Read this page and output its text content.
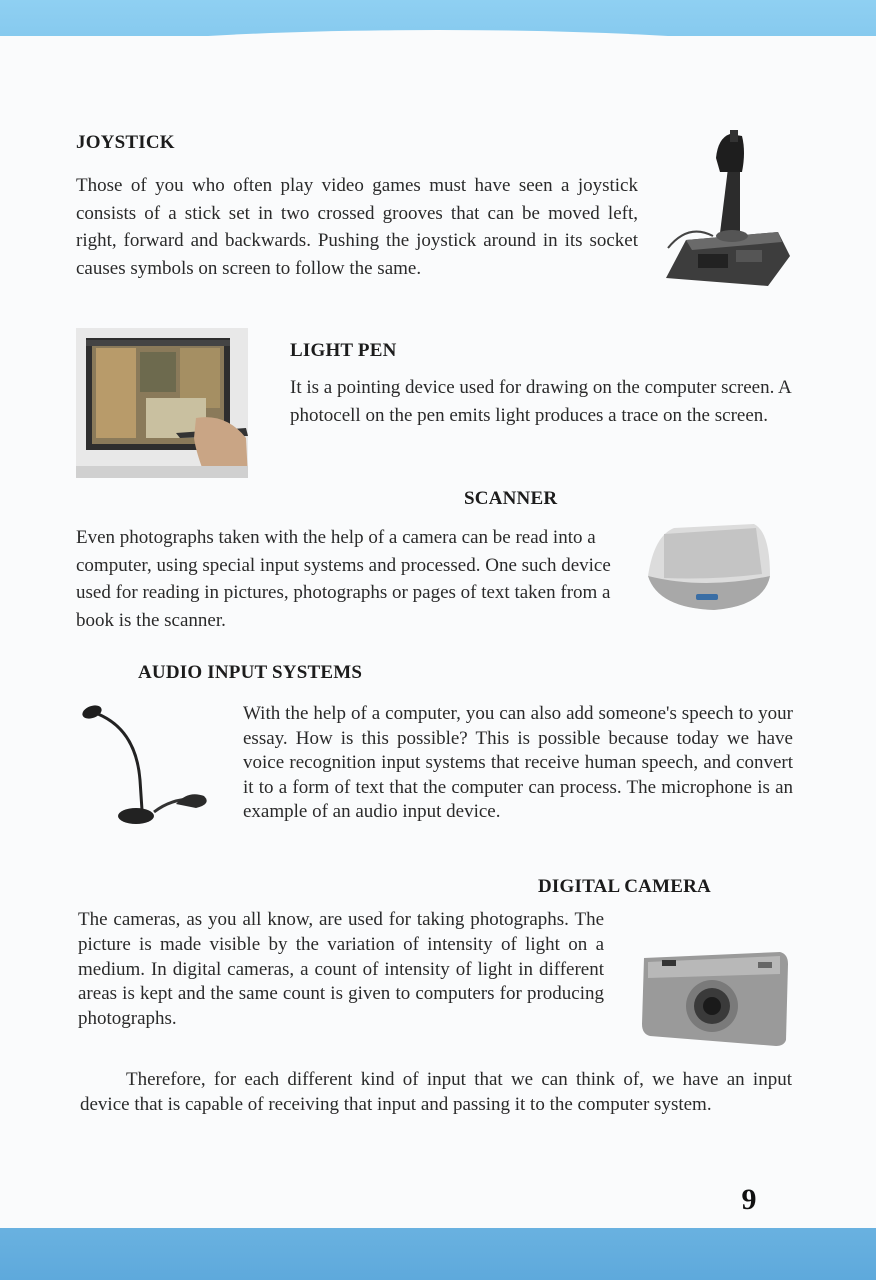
JOYSTICK
Those of you who often play video games must have seen a joystick consists of a stick set in two crossed grooves that can be moved left, right, forward and backwards. Pushing the joystick around in its socket causes symbols on screen to follow the same.
LIGHT PEN
It is a pointing device used for drawing on the computer screen. A photocell on the pen emits light produces a trace on the screen.
SCANNER
Even photographs taken with the help of a camera can be read into a computer, using special input systems and processed. One such device used for reading in pictures, photographs or pages of text taken from a book is the scanner.
AUDIO INPUT SYSTEMS
With the help of a computer, you can also add someone's speech to your essay. How is this possible? This is possible because today we have voice recognition input systems that receive human speech, and convert it to a form of text that the computer can process. The microphone is an example of an audio input device.
DIGITAL CAMERA
The cameras, as you all know, are used for taking photographs. The picture is made visible by the variation of intensity of light on a medium. In digital cameras, a count of intensity of light in different areas is kept and the same count is given to computers for producing photographs.
Therefore, for each different kind of input that we can think of, we have an input device that is capable of receiving that input and passing it to the computer system.
9
